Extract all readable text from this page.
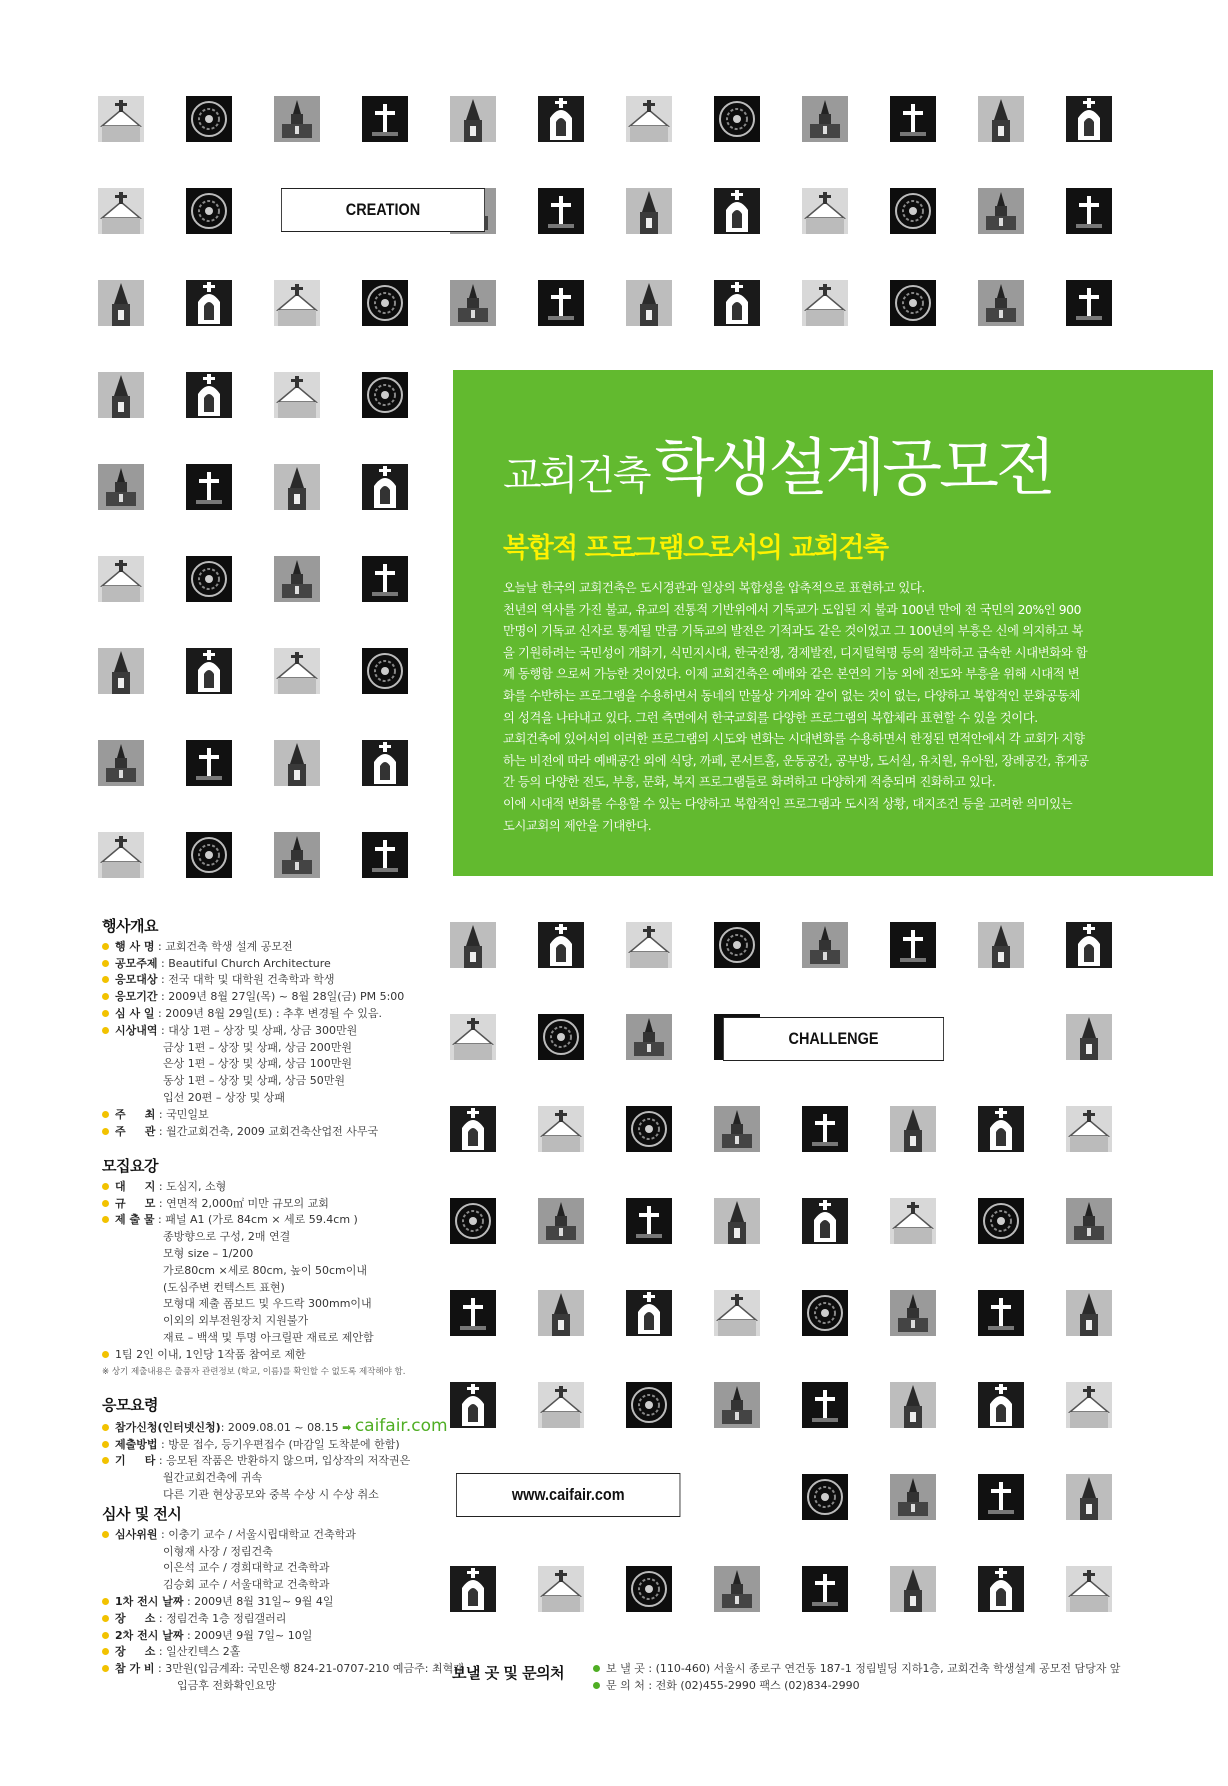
CREATION
CHALLENGE
www.caifair.com
교회건축 학생설계공모전
복합적 프로그램으로서의 교회건축

오늘날 한국의 교회건축은 도시경관과 일상의 복합성을 압축적으로 표현하고 있다.

천년의 역사를 가진 불교, 유교의 전통적 기반위에서 기독교가 도입된 지 불과 100년 만에 전 국민의 20%인 900

만명이 기독교 신자로 통계될 만큼 기독교의 발전은 기적과도 같은 것이었고 그 100년의 부흥은 신에 의지하고 복

을 기원하려는 국민성이 개화기, 식민지시대, 한국전쟁, 경제발전, 디지털혁명 등의 절박하고 급속한 시대변화와 함

께 동행함 으로써 가능한 것이었다. 이제 교회건축은 예배와 같은 본연의 기능 외에 전도와 부흥을 위해 시대적 변

화를 수반하는 프로그램을 수용하면서 동네의 만물상 가게와 같이 없는 것이 없는, 다양하고 복합적인 문화공동체

의 성격을 나타내고 있다. 그런 측면에서 한국교회를 다양한 프로그램의 복합체라 표현할 수 있을 것이다.

교회건축에 있어서의 이러한 프로그램의 시도와 변화는 시대변화를 수용하면서 한정된 면적안에서 각 교회가 지향

하는 비전에 따라 예배공간 외에 식당, 까페, 콘서트홀, 운동공간, 공부방, 도서실, 유치원, 유아원, 장례공간, 휴게공

간 등의 다양한 전도, 부흥, 문화, 복지 프로그램들로 화려하고 다양하게 적층되며 진화하고 있다.

이에 시대적 변화를 수용할 수 있는 다양하고 복합적인 프로그램과 도시적 상황, 대지조건 등을 고려한 의미있는

도시교회의 제안을 기대한다.

행사개요
행 사 명 : 교회건축 학생 설계 공모전
공모주제 : Beautiful Church Architecture
응모대상 : 전국 대학 및 대학원 건축학과 학생
응모기간 : 2009년 8월 27일(목) ~ 8월 28일(금) PM 5:00
심 사 일 : 2009년 8월 29일(토) : 추후 변경될 수 있음.
시상내역 : 대상 1편 – 상장 및 상패, 상금 300만원
금상 1편 – 상장 및 상패, 상금 200만원
은상 1편 – 상장 및 상패, 상금 100만원
동상 1편 – 상장 및 상패, 상금 50만원
입선 20편 – 상장 및 상패
주     최 : 국민일보
주     관 : 월간교회건축, 2009 교회건축산업전 사무국
모집요강
대     지 : 도심지, 소형
규     모 : 연면적 2,000㎡ 미만 규모의 교회
제 출 물 : 패널 A1 (가로 84cm × 세로 59.4cm )
종방향으로 구성, 2매 연결
모형 size – 1/200
가로80cm ×세로 80cm, 높이 50cm이내
(도심주변 컨텍스트 표현)
모형대 제출 폼보드 및 우드락 300mm이내
이외의 외부전원장치 지원불가
재료 – 백색 및 투명 아크릴판 재료로 제안함
1팀 2인 이내, 1인당 1작품 참여로 제한
※ 상기 제출내용은 출품자 관련정보 (학교, 이름)를 확인할 수 없도록 제작해야 함.
응모요령
참가신청(인터넷신청) : 2009.08.01 ~ 08.15
➡
caifair.com
제출방법 : 방문 접수, 등기우편접수 (마감일 도착분에 한함)
기     타 : 응모된 작품은 반환하지 않으며, 입상작의 저작권은
월간교회건축에 귀속
다른 기관 현상공모와 중복 수상 시 수상 취소
심사 및 전시
심사위원 : 이충기 교수 / 서울시립대학교 건축학과
이형재 사장 / 정림건축
이은석 교수 / 경희대학교 건축학과
김승회 교수 / 서울대학교 건축학과
1차 전시 날짜 : 2009년 8월 31일~ 9월 4일
장     소 : 정림건축 1층 정림갤러리
2차 전시 날짜 : 2009년 9월 7일~ 10일
장     소 : 일산킨텍스 2홀
참 가 비 : 3만원(입금계좌: 국민은행 824-21-0707-210 예금주: 최혁재
입금후 전화확인요망
보낼 곳 및 문의처	보 낼 곳 : (110-460) 서울시 종로구 연건동 187-1 정림빌딩 지하1층, 교회건축 학생설계 공모전 담당자 앞
문 의 처 : 전화 (02)455-2990 팩스 (02)834-2990
